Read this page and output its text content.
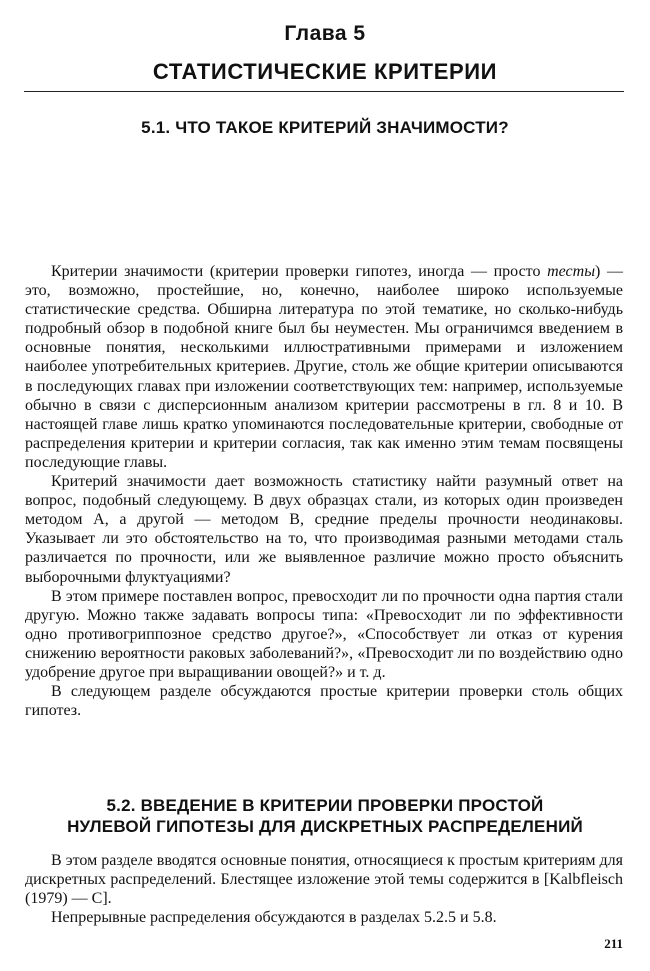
Глава 5
СТАТИСТИЧЕСКИЕ КРИТЕРИИ
5.1. ЧТО ТАКОЕ КРИТЕРИЙ ЗНАЧИМОСТИ?

Критерии значимости (критерии проверки гипотез, иногда — просто тесты) — это, возможно, простейшие, но, конечно, наиболее широко используемые статистические средства. Обширна литература по этой тематике, но сколько-нибудь подробный обзор в подобной книге был бы неуместен. Мы ограничимся введением в основные понятия, несколькими иллюстративными примерами и изложением наиболее употребительных критериев. Другие, столь же общие критерии описываются в последующих главах при изложении соответствующих тем: например, используемые обычно в связи с дисперсионным анализом критерии рассмотрены в гл. 8 и 10. В настоящей главе лишь кратко упоминаются последовательные критерии, свободные от распределения критерии и критерии согласия, так как именно этим темам посвящены последующие главы.

Критерий значимости дает возможность статистику найти разумный ответ на вопрос, подобный следующему. В двух образцах стали, из которых один произведен методом А, а другой — методом В, средние пределы прочности неодинаковы. Указывает ли это обстоятельство на то, что производимая разными методами сталь различается по прочности, или же выявленное различие можно просто объяснить выборочными флуктуациями?

В этом примере поставлен вопрос, превосходит ли по прочности одна партия стали другую. Можно также задавать вопросы типа: «Превосходит ли по эффективности одно противогриппозное средство другое?», «Способствует ли отказ от курения снижению вероятности раковых заболеваний?», «Превосходит ли по воздействию одно удобрение другое при выращивании овощей?» и т. д.

В следующем разделе обсуждаются простые критерии проверки столь общих гипотез.

5.2. ВВЕДЕНИЕ В КРИТЕРИИ ПРОВЕРКИ ПРОСТОЙ
НУЛЕВОЙ ГИПОТЕЗЫ ДЛЯ ДИСКРЕТНЫХ РАСПРЕДЕЛЕНИЙ

В этом разделе вводятся основные понятия, относящиеся к простым критериям для дискретных распределений. Блестящее изложение этой темы содержится в [Kalbfleisch (1979) — С].

Непрерывные распределения обсуждаются в разделах 5.2.5 и 5.8.

211
